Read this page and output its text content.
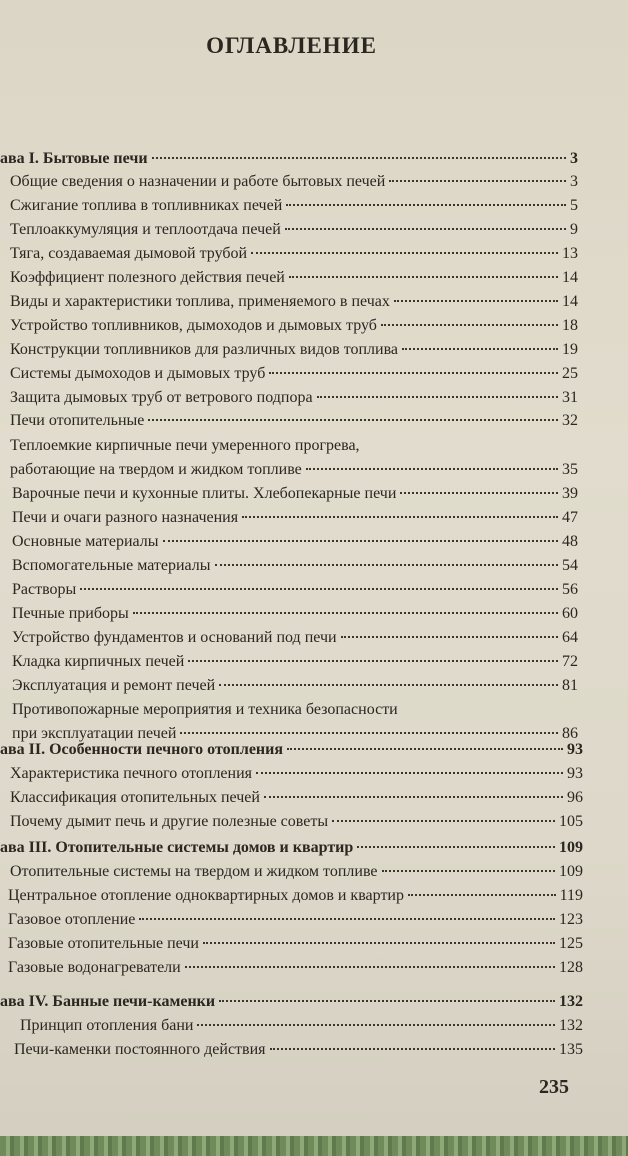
ОГЛАВЛЕНИЕ
ава I. Бытовые печи	3
Общие сведения о назначении и работе бытовых печей	3
Сжигание топлива в топливниках печей	5
Теплоаккумуляция и теплоотдача печей	9
Тяга, создаваемая дымовой трубой	13
Коэффициент полезного действия печей	14
Виды и характеристики топлива, применяемого в печах	14
Устройство топливников, дымоходов и дымовых труб	18
Конструкции топливников для различных видов топлива	19
Системы дымоходов и дымовых труб	25
Защита дымовых труб от ветрового подпора	31
Печи отопительные	32
Теплоемкие кирпичные печи умеренного прогрева,
работающие на твердом и жидком топливе	35
Варочные печи и кухонные плиты. Хлебопекарные печи	39
Печи и очаги разного назначения	47
Основные материалы	48
Вспомогательные материалы	54
Растворы	56
Печные приборы	60
Устройство фундаментов и оснований под печи	64
Кладка кирпичных печей	72
Эксплуатация и ремонт печей	81
Противопожарные мероприятия и техника безопасности
при эксплуатации печей	86
ава II. Особенности печного отопления	93
Характеристика печного отопления	93
Классификация отопительных печей	96
Почему дымит печь и другие полезные советы	105
ава III. Отопительные системы домов и квартир	109
Отопительные системы на твердом и жидком топливе	109
Центральное отопление одноквартирных домов и квартир	119
Газовое отопление	123
Газовые отопительные печи	125
Газовые водонагреватели	128
ава IV. Банные печи-каменки	132
Принцип отопления бани	132
Печи-каменки постоянного действия	135
235
